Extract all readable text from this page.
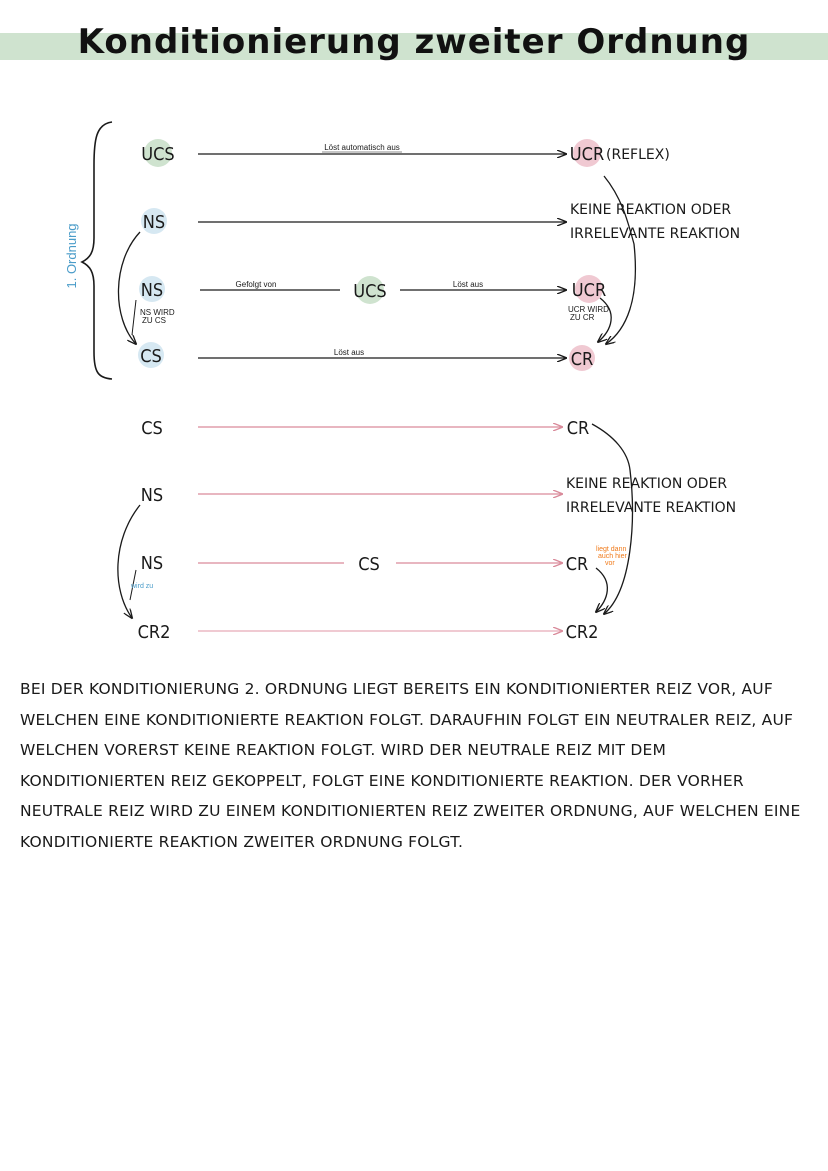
Konditionierung zweiter Ordnung
1. Ordnung
UCS	Löst automatisch aus	UCR (REFLEX)
NS
KEINE REAKTION ODER
IRRELEVANTE REAKTION
NS	Gefolgt von	UCS	Löst aus	UCR
UCR WIRD
ZU CR
NS WIRD
ZU CS
CS	Löst aus	CR
CS	CR
NS
KEINE REAKTION ODER
IRRELEVANTE REAKTION
NS	CS	CR
liegt dann
auch hier
vor
wird zu
CR2	CR2

BEI DER KONDITIONIERUNG 2. ORDNUNG LIEGT BEREITS EIN KONDITIONIERTER REIZ VOR, AUF WELCHEN EINE KONDITIONIERTE REAKTION FOLGT. DARAUFHIN FOLGT EIN NEUTRALER REIZ, AUF WELCHEN VORERST KEINE REAKTION FOLGT. WIRD DER NEUTRALE REIZ MIT DEM KONDITIONIERTEN REIZ GEKOPPELT, FOLGT EINE KONDITIONIERTE REAKTION. DER VORHER NEUTRALE REIZ WIRD ZU EINEM KONDITIONIERTEN REIZ ZWEITER ORDNUNG, AUF WELCHEN EINE KONDITIONIERTE REAKTION ZWEITER ORDNUNG FOLGT.
